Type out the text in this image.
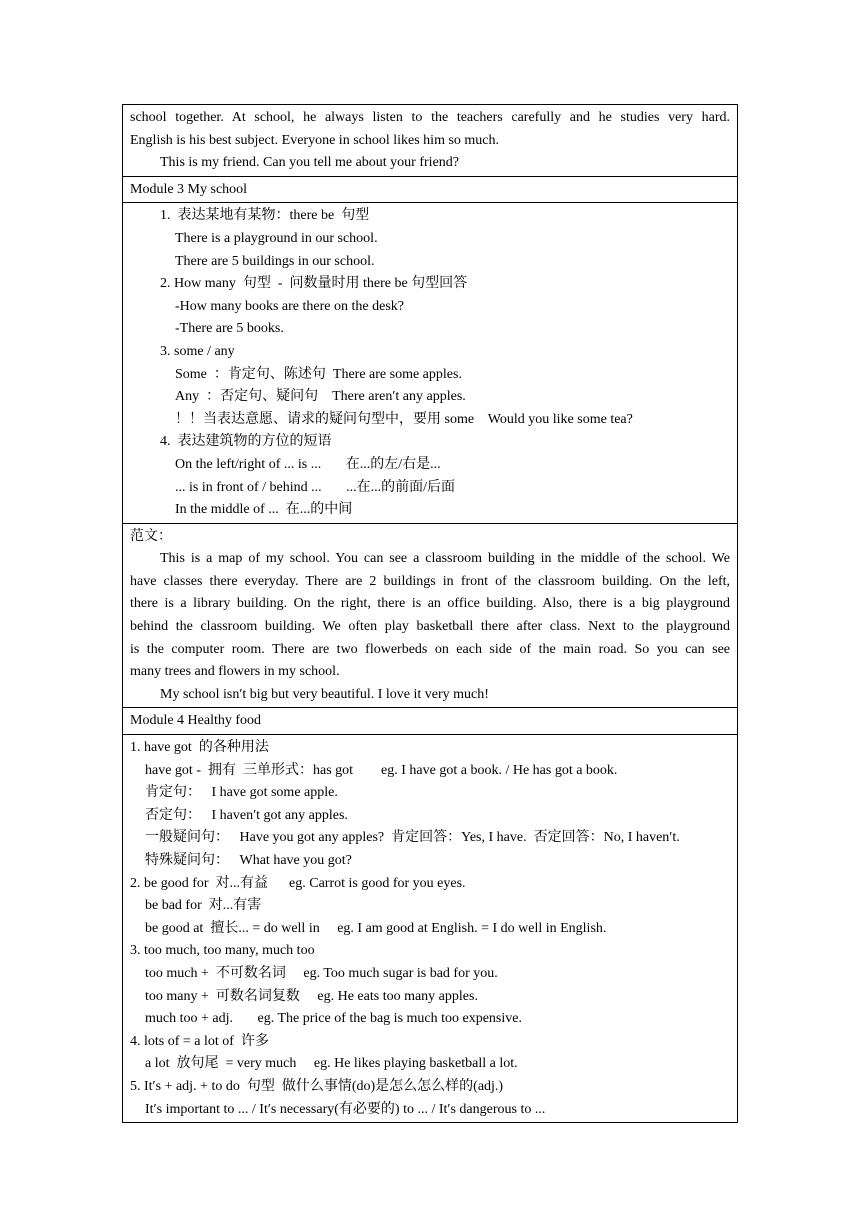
school together. At school, he always listen to the teachers carefully and he studies very hard.
English is his best subject. Everyone in school likes him so much.
This is my friend. Can you tell me about your friend?

Module 3 My school

1.  表达某地有某物：there be  句型
There is a playground in our school.
There are 5 buildings in our school.
2. How many  句型  -  问数量时用 there be 句型回答
-How many books are there on the desk?
-There are 5 books.
3. some / any
Some  ：肯定句、陈述句  There are some apples.
Any  ：否定句、疑问句    There aren′t any apples.
！！当表达意愿、请求的疑问句型中，要用 some    Would you like some tea?
4.  表达建筑物的方位的短语
On the left/right of ... is ...       在...的左/右是...
... is in front of / behind ...       ...在...的前面/后面
In the middle of ...  在...的中间

范文：
This is a map of my school. You can see a classroom building in the middle of the school. We
have classes there everyday. There are 2 buildings in front of the classroom building. On the left,
there is a library building. On the right, there is an office building. Also, there is a big playground
behind the classroom building. We often play basketball there after class. Next to the playground
is the computer room. There are two flowerbeds on each side of the main road. So you can see
many trees and flowers in my school.
My school isn′t big but very beautiful. I love it very much!

Module 4 Healthy food

1. have got  的各种用法
have got -  拥有  三单形式：has got        eg. I have got a book. / He has got a book.
肯定句：   I have got some apple.
否定句：   I haven′t got any apples.
一般疑问句：   Have you got any apples?  肯定回答：Yes, I have.  否定回答：No, I haven′t.
特殊疑问句：   What have you got?
2. be good for  对...有益      eg. Carrot is good for you eyes.
be bad for  对...有害
be good at  擅长... = do well in     eg. I am good at English. = I do well in English.
3. too much, too many, much too
too much +  不可数名词     eg. Too much sugar is bad for you.
too many +  可数名词复数     eg. He eats too many apples.
much too + adj.       eg. The price of the bag is much too expensive.
4. lots of = a lot of  许多
a lot  放句尾  = very much     eg. He likes playing basketball a lot.
5. It′s + adj. + to do  句型  做什么事情(do)是怎么怎么样的(adj.)
It′s important to ... / It′s necessary(有必要的) to ... / It′s dangerous to ...
